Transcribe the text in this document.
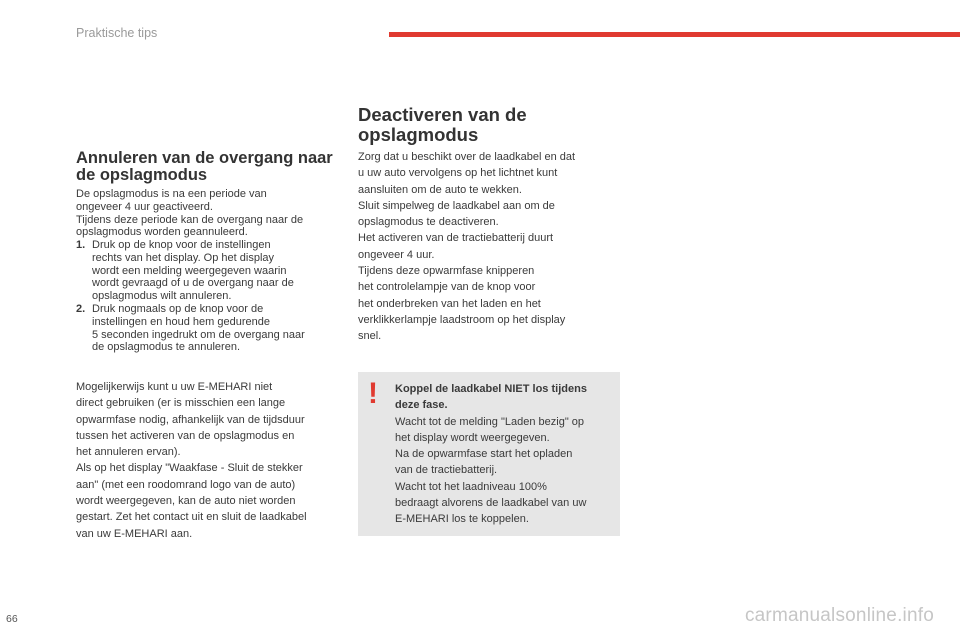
Praktische tips
Annuleren van de overgang naar
de opslagmodus

De opslagmodus is na een periode van

ongeveer 4 uur geactiveerd.

Tijdens deze periode kan de overgang naar de

opslagmodus worden geannuleerd.

1. Druk op de knop voor de instellingen

rechts van het display. Op het display

wordt een melding weergegeven waarin

wordt gevraagd of u de overgang naar de

opslagmodus wilt annuleren.

2. Druk nogmaals op de knop voor de

instellingen en houd hem gedurende

5 seconden ingedrukt om de overgang naar

de opslagmodus te annuleren.

Mogelijkerwijs kunt u uw E-MEHARI niet

direct gebruiken (er is misschien een lange

opwarmfase nodig, afhankelijk van de tijdsduur

tussen het activeren van de opslagmodus en

het annuleren ervan).

Als op het display "Waakfase - Sluit de stekker

aan" (met een roodomrand logo van de auto)

wordt weergegeven, kan de auto niet worden

gestart. Zet het contact uit en sluit de laadkabel

van uw E-MEHARI aan.

Deactiveren van de
opslagmodus

Zorg dat u beschikt over de laadkabel en dat

u uw auto vervolgens op het lichtnet kunt

aansluiten om de auto te wekken.

Sluit simpelweg de laadkabel aan om de

opslagmodus te deactiveren.

Het activeren van de tractiebatterij duurt

ongeveer 4 uur.

Tijdens deze opwarmfase knipperen

het controlelampje van de knop voor

het onderbreken van het laden en het

verklikkerlampje laadstroom op het display

snel.

! Koppel de laadkabel NIET los tijdens

deze fase.

Wacht tot de melding "Laden bezig" op

het display wordt weergegeven.

Na de opwarmfase start het opladen

van de tractiebatterij.

Wacht tot het laadniveau 100%

bedraagt alvorens de laadkabel van uw

E-MEHARI los te koppelen.

66	carmanualsonline.info
